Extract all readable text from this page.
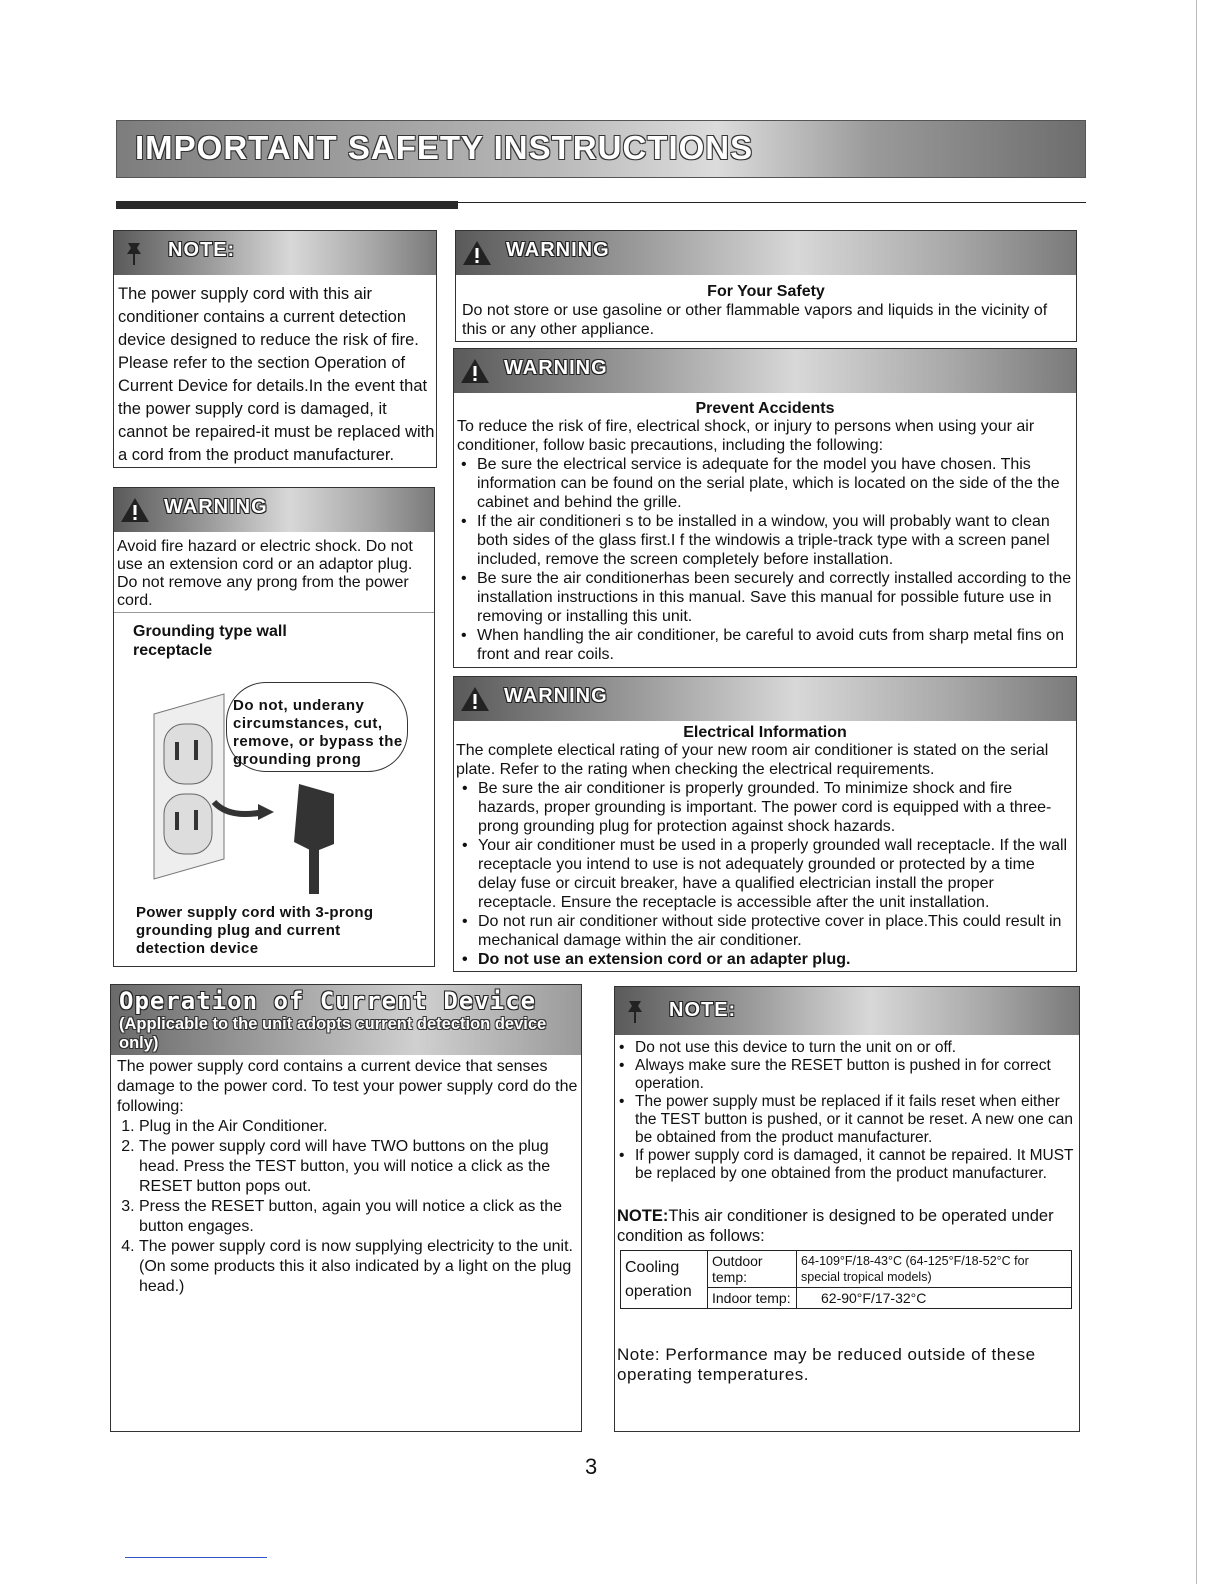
IMPORTANT SAFETY INSTRUCTIONS
NOTE:
The power supply cord with this air conditioner contains a current detection device designed to reduce the risk of fire. Please refer to the section Operation of Current Device for details.In the event that the power supply cord is damaged, it cannot be repaired-it must be replaced with a cord from the product manufacturer.
WARNING
Avoid fire hazard or electric shock. Do not use an extension cord or an adaptor plug. Do not remove any prong from the power cord.
Grounding type wall receptacle
Do not, underany circumstances, cut, remove, or bypass the grounding prong
Power supply cord with 3-prong grounding plug and current detection device
WARNING
For Your Safety
Do not store or use gasoline or other flammable vapors and liquids in the vicinity of this or any other appliance.
WARNING
Prevent Accidents
To reduce the risk of fire, electrical shock, or injury to persons when using your air conditioner, follow basic precautions, including the following:
• Be sure the electrical service is adequate for the model you have chosen. This information can be found on the serial plate, which is located on the side of the the cabinet and behind the grille.
• If the air conditioneri s to be installed in a window, you will probably want to clean both sides of the glass first.I f the windowis a triple-track type with a screen panel included, remove the screen completely before installation.
• Be sure the air conditionerhas been securely and correctly installed according to the installation instructions in this manual. Save this manual for possible future use in removing or installing this unit.
• When handling the air conditioner, be careful to avoid cuts from sharp metal fins on front and rear coils.
WARNING
Electrical Information
The complete electical rating of your new room air conditioner is stated on the serial plate. Refer to the rating when checking the electrical requirements.
• Be sure the air conditioner is properly grounded. To minimize shock and fire hazards, proper grounding is important. The power cord is equipped with a three-prong grounding plug for protection against shock hazards.
• Your air conditioner must be used in a properly grounded wall receptacle. If the wall receptacle you intend to use is not adequately grounded or protected by a time delay fuse or circuit breaker, have a qualified electrician install the proper receptacle. Ensure the receptacle is accessible after the unit installation.
• Do not run air conditioner without side protective cover in place.This could result in mechanical damage within the air conditioner.
• Do not use an extension cord or an adapter plug.
Operation of Current Device
(Applicable to the unit adopts current detection device only)
The power supply cord contains a current device that senses damage to the power cord. To test your power supply cord do the following:
1. Plug in the Air Conditioner.
2. The power supply cord will have TWO buttons on the plug head. Press the TEST button, you will notice a click as the RESET button pops out.
3. Press the RESET button, again you will notice a click as the button engages.
4. The power supply cord is now supplying electricity to the unit. (On some products this it also indicated by a light on the plug head.)
NOTE:
• Do not use this device to turn the unit on or off.
• Always make sure the RESET button is pushed in for correct operation.
• The power supply must be replaced if it fails reset when either the TEST button is pushed, or it cannot be reset. A new one can be obtained from the product manufacturer.
• If power supply cord is damaged, it cannot be repaired. It MUST be replaced by one obtained from the product manufacturer.
NOTE:This air conditioner is designed to be operated under condition as follows:
Cooling operation	Outdoor temp:	64-109°F/18-43°C (64-125°F/18-52°C for special tropical models)
	Indoor temp:	62-90°F/17-32°C
Note: Performance may be reduced outside of these operating temperatures.
3
